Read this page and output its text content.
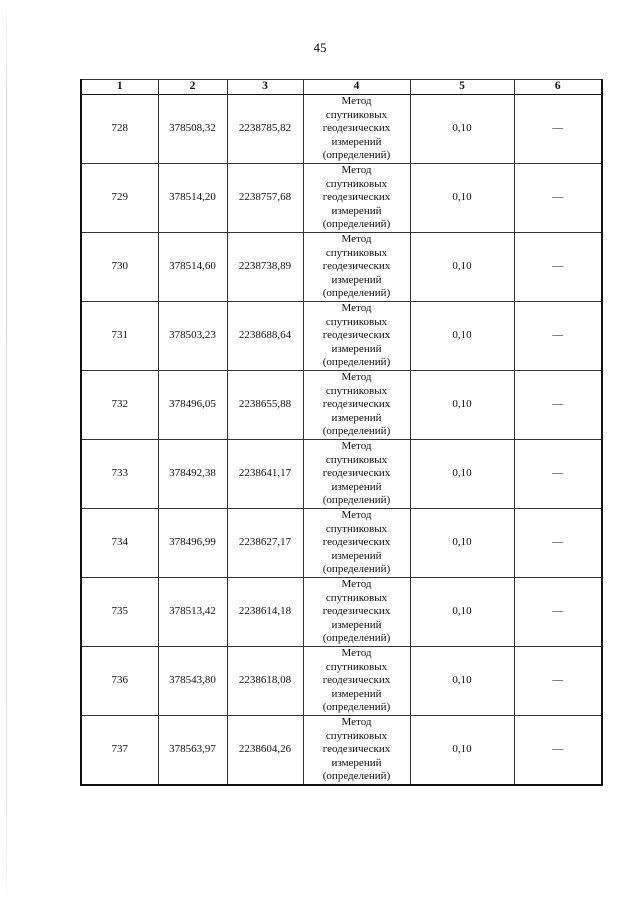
45
1	2	3	4	5	6
728	378508,32	2238785,82	Метод
спутниковых
геодезических
измерений
(определений)	0,10	—
729	378514,20	2238757,68	Метод
спутниковых
геодезических
измерений
(определений)	0,10	—
730	378514,60	2238738,89	Метод
спутниковых
геодезических
измерений
(определений)	0,10	—
731	378503,23	2238688,64	Метод
спутниковых
геодезических
измерений
(определений)	0,10	—
732	378496,05	2238655,88	Метод
спутниковых
геодезических
измерений
(определений)	0,10	—
733	378492,38	2238641,17	Метод
спутниковых
геодезических
измерений
(определений)	0,10	—
734	378496,99	2238627,17	Метод
спутниковых
геодезических
измерений
(определений)	0,10	—
735	378513,42	2238614,18	Метод
спутниковых
геодезических
измерений
(определений)	0,10	—
736	378543,80	2238618,08	Метод
спутниковых
геодезических
измерений
(определений)	0,10	—
737	378563,97	2238604,26	Метод
спутниковых
геодезических
измерений
(определений)	0,10	—
